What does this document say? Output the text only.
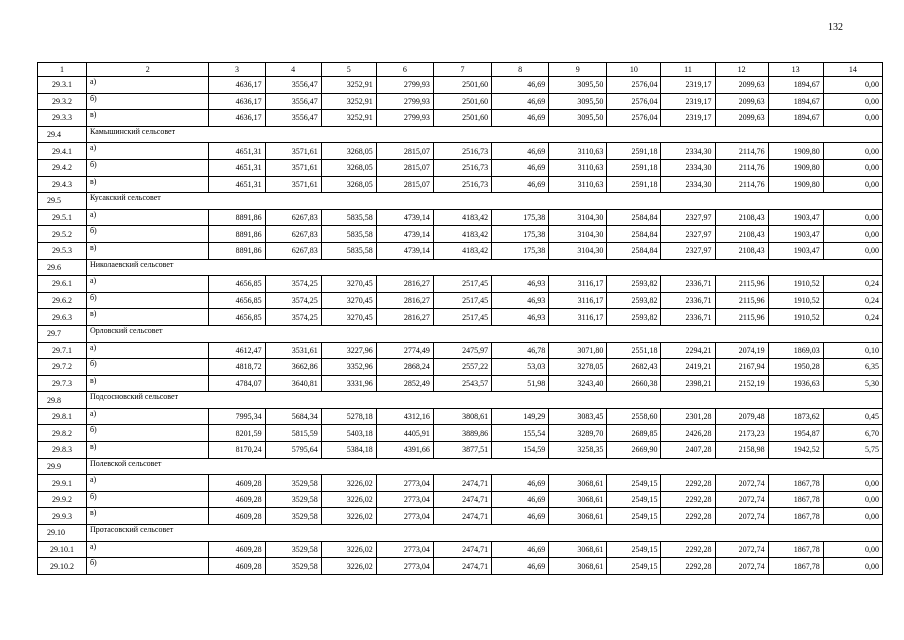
132
1	2	3	4	5	6	7	8	9	10	11	12	13	14
29.3.1	а)	4636,17	3556,47	3252,91	2799,93	2501,60	46,69	3095,50	2576,04	2319,17	2099,63	1894,67	0,00
29.3.2	б)	4636,17	3556,47	3252,91	2799,93	2501,60	46,69	3095,50	2576,04	2319,17	2099,63	1894,67	0,00
29.3.3	в)	4636,17	3556,47	3252,91	2799,93	2501,60	46,69	3095,50	2576,04	2319,17	2099,63	1894,67	0,00
29.4	Камышинский сельсовет												
29.4.1	а)	4651,31	3571,61	3268,05	2815,07	2516,73	46,69	3110,63	2591,18	2334,30	2114,76	1909,80	0,00
29.4.2	б)	4651,31	3571,61	3268,05	2815,07	2516,73	46,69	3110,63	2591,18	2334,30	2114,76	1909,80	0,00
29.4.3	в)	4651,31	3571,61	3268,05	2815,07	2516,73	46,69	3110,63	2591,18	2334,30	2114,76	1909,80	0,00
29.5	Кусакский сельсовет												
29.5.1	а)	8891,86	6267,83	5835,58	4739,14	4183,42	175,38	3104,30	2584,84	2327,97	2108,43	1903,47	0,00
29.5.2	б)	8891,86	6267,83	5835,58	4739,14	4183,42	175,38	3104,30	2584,84	2327,97	2108,43	1903,47	0,00
29.5.3	в)	8891,86	6267,83	5835,58	4739,14	4183,42	175,38	3104,30	2584,84	2327,97	2108,43	1903,47	0,00
29.6	Николаевский сельсовет												
29.6.1	а)	4656,85	3574,25	3270,45	2816,27	2517,45	46,93	3116,17	2593,82	2336,71	2115,96	1910,52	0,24
29.6.2	б)	4656,85	3574,25	3270,45	2816,27	2517,45	46,93	3116,17	2593,82	2336,71	2115,96	1910,52	0,24
29.6.3	в)	4656,85	3574,25	3270,45	2816,27	2517,45	46,93	3116,17	2593,82	2336,71	2115,96	1910,52	0,24
29.7	Орловский сельсовет												
29.7.1	а)	4612,47	3531,61	3227,96	2774,49	2475,97	46,78	3071,80	2551,18	2294,21	2074,19	1869,03	0,10
29.7.2	б)	4818,72	3662,86	3352,96	2868,24	2557,22	53,03	3278,05	2682,43	2419,21	2167,94	1950,28	6,35
29.7.3	в)	4784,07	3640,81	3331,96	2852,49	2543,57	51,98	3243,40	2660,38	2398,21	2152,19	1936,63	5,30
29.8	Подсосновский сельсовет												
29.8.1	а)	7995,34	5684,34	5278,18	4312,16	3808,61	149,29	3083,45	2558,60	2301,28	2079,48	1873,62	0,45
29.8.2	б)	8201,59	5815,59	5403,18	4405,91	3889,86	155,54	3289,70	2689,85	2426,28	2173,23	1954,87	6,70
29.8.3	в)	8170,24	5795,64	5384,18	4391,66	3877,51	154,59	3258,35	2669,90	2407,28	2158,98	1942,52	5,75
29.9	Полевской сельсовет												
29.9.1	а)	4609,28	3529,58	3226,02	2773,04	2474,71	46,69	3068,61	2549,15	2292,28	2072,74	1867,78	0,00
29.9.2	б)	4609,28	3529,58	3226,02	2773,04	2474,71	46,69	3068,61	2549,15	2292,28	2072,74	1867,78	0,00
29.9.3	в)	4609,28	3529,58	3226,02	2773,04	2474,71	46,69	3068,61	2549,15	2292,28	2072,74	1867,78	0,00
29.10	Протасовский сельсовет												
29.10.1	а)	4609,28	3529,58	3226,02	2773,04	2474,71	46,69	3068,61	2549,15	2292,28	2072,74	1867,78	0,00
29.10.2	б)	4609,28	3529,58	3226,02	2773,04	2474,71	46,69	3068,61	2549,15	2292,28	2072,74	1867,78	0,00
